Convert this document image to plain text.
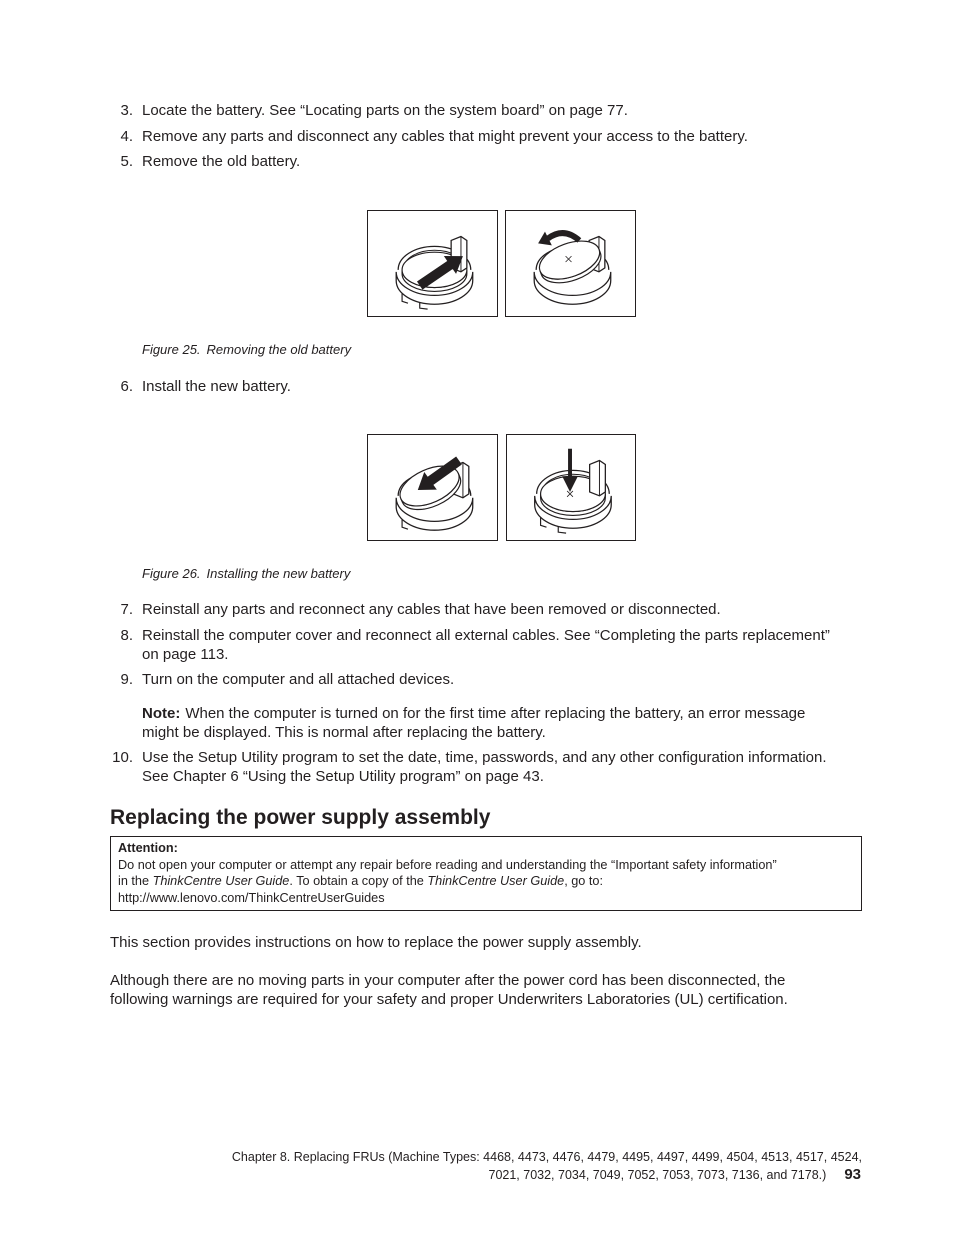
3. Locate the battery. See “Locating parts on the system board” on page 77.
4. Remove any parts and disconnect any cables that might prevent your access to the battery.
5. Remove the old battery.
Figure 25. Removing the old battery
6. Install the new battery.
Figure 26. Installing the new battery
7. Reinstall any parts and reconnect any cables that have been removed or disconnected.
8. Reinstall the computer cover and reconnect all external cables. See “Completing the parts replacement”
on page 113.
9. Turn on the computer and all attached devices.
Note: When the computer is turned on for the first time after replacing the battery, an error message
might be displayed. This is normal after replacing the battery.
10. Use the Setup Utility program to set the date, time, passwords, and any other configuration information.
See Chapter 6 “Using the Setup Utility program” on page 43.
Replacing the power supply assembly
Attention:
Do not open your computer or attempt any repair before reading and understanding the “Important safety information”
in the ThinkCentre User Guide. To obtain a copy of the ThinkCentre User Guide, go to:
http://www.lenovo.com/ThinkCentreUserGuides
This section provides instructions on how to replace the power supply assembly.
Although there are no moving parts in your computer after the power cord has been disconnected, the
following warnings are required for your safety and proper Underwriters Laboratories (UL) certification.
Chapter 8. Replacing FRUs (Machine Types: 4468, 4473, 4476, 4479, 4495, 4497, 4499, 4504, 4513, 4517, 4524,
7021, 7032, 7034, 7049, 7052, 7053, 7073, 7136, and 7178.) 93
